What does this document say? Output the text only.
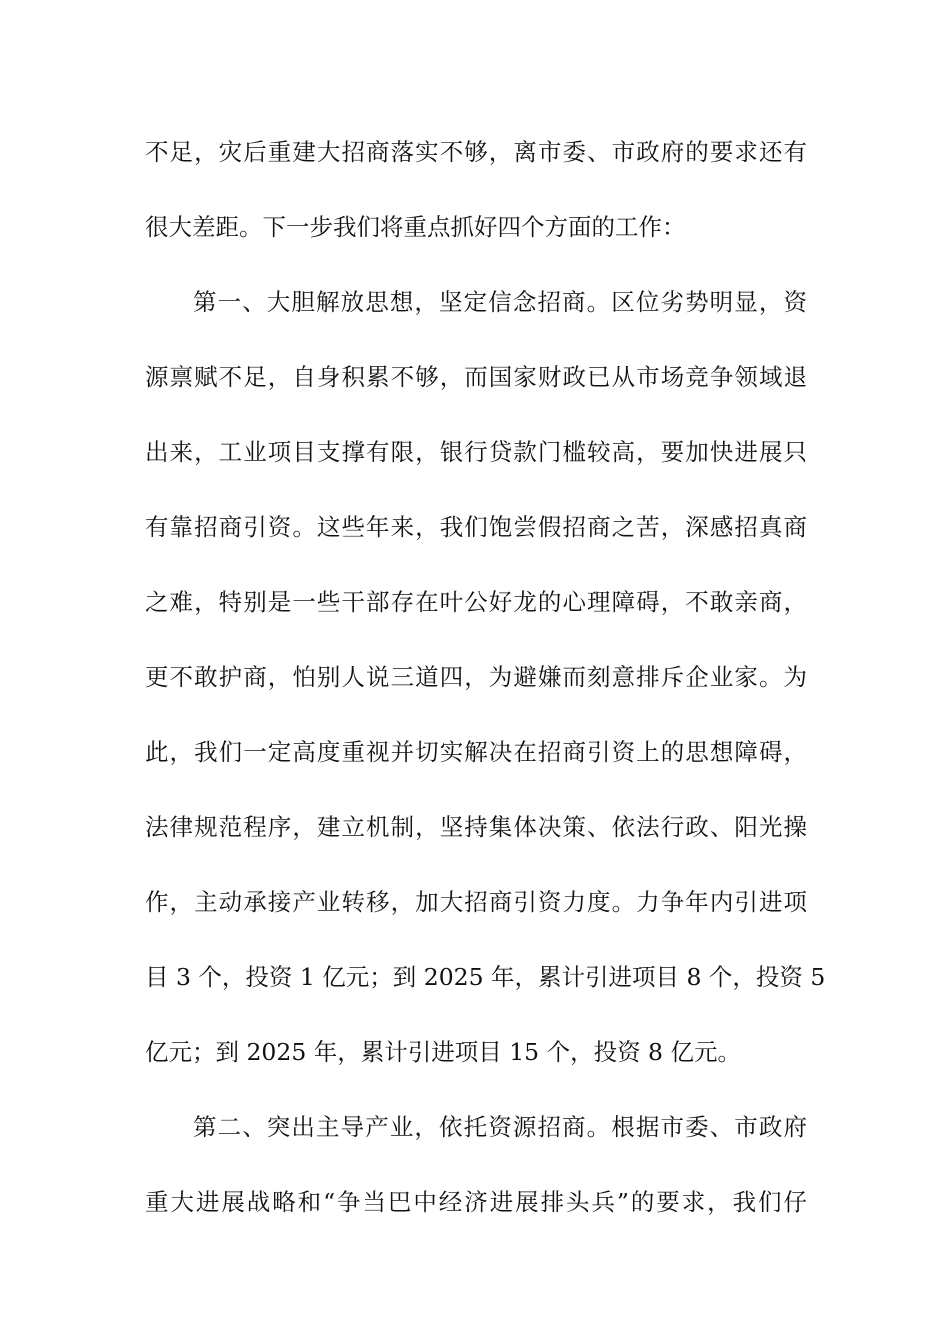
不足，灾后重建大招商落实不够，离市委、市政府的要求还有
很大差距。下一步我们将重点抓好四个方面的工作：
第一、大胆解放思想，坚定信念招商。区位劣势明显，资
源禀赋不足，自身积累不够，而国家财政已从市场竞争领域退
出来，工业项目支撑有限，银行贷款门槛较高，要加快进展只
有靠招商引资。这些年来，我们饱尝假招商之苦，深感招真商
之难，特别是一些干部存在叶公好龙的心理障碍，不敢亲商，
更不敢护商，怕别人说三道四，为避嫌而刻意排斥企业家。为
此，我们一定高度重视并切实解决在招商引资上的思想障碍，
法律规范程序，建立机制，坚持集体决策、依法行政、阳光操
作，主动承接产业转移，加大招商引资力度。力争年内引进项
目 3 个，投资 1 亿元；到 2025 年，累计引进项目 8 个，投资 5
亿元；到 2025 年，累计引进项目 15 个，投资 8 亿元。
第二、突出主导产业，依托资源招商。根据市委、市政府
重大进展战略和“争当巴中经济进展排头兵”的要求，我们仔
